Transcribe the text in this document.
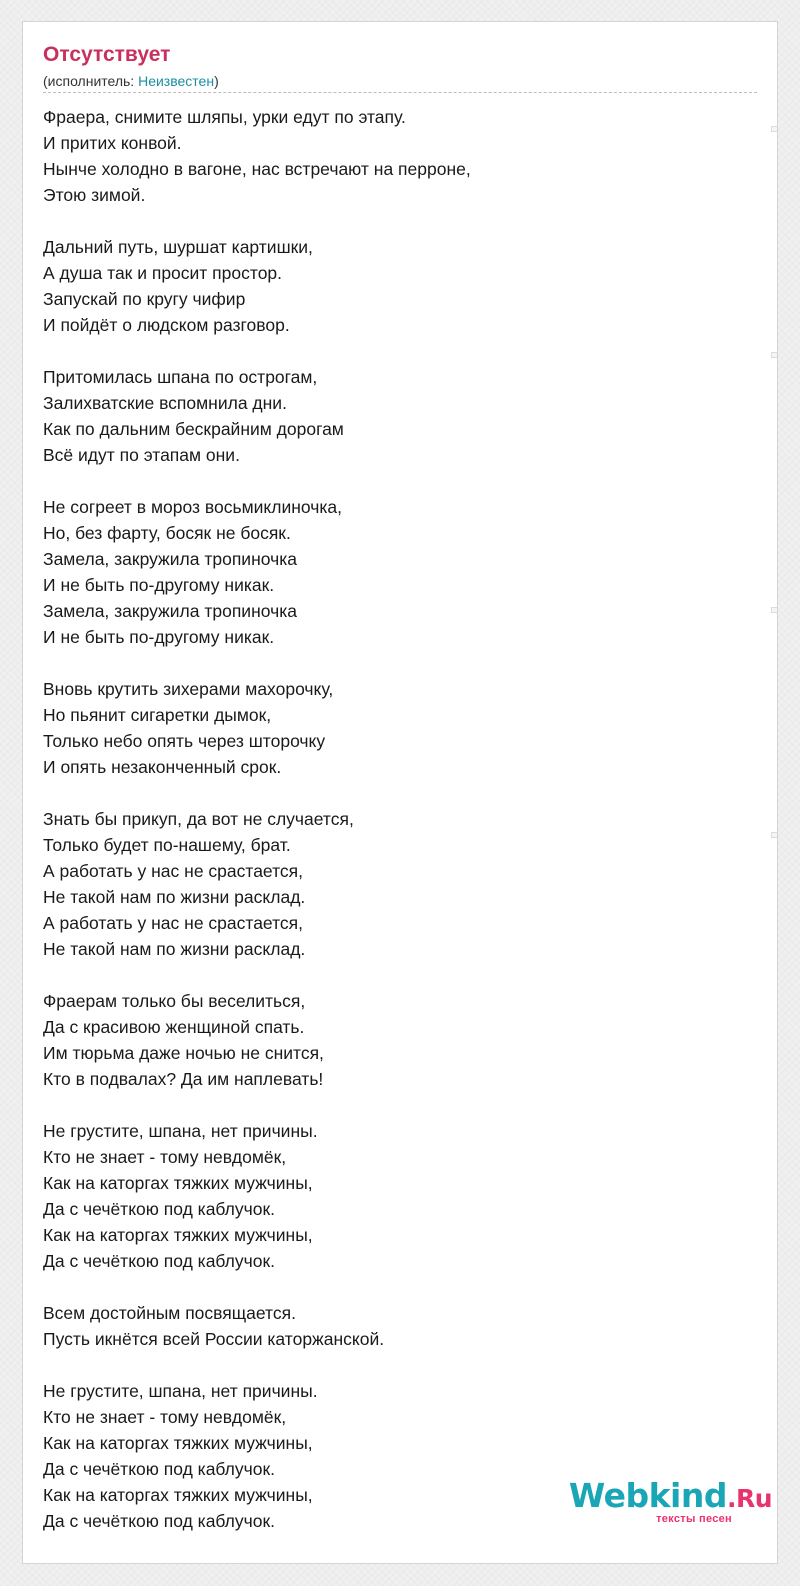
Отсутствует
(исполнитель: Неизвестен)
Фраера, снимите шляпы, урки едут по этапу.
И притих конвой.
Нынче холодно в вагоне, нас встречают на перроне,
Этою зимой.
Дальний путь, шуршат картишки,
А душа так и просит простор.
Запускай по кругу чифир
И пойдёт о людском разговор.
Притомилась шпана по острогам,
Залихватские вспомнила дни.
Как по дальним бескрайним дорогам
Всё идут по этапам они.
Не согреет в мороз восьмиклиночка,
Но, без фарту, босяк не босяк.
Замела, закружила тропиночка
И не быть по-другому никак.
Замела, закружила тропиночка
И не быть по-другому никак.
Вновь крутить зихерами махорочку,
Но пьянит сигаретки дымок,
Только небо опять через шторочку
И опять незаконченный срок.
Знать бы прикуп, да вот не случается,
Только будет по-нашему, брат.
А работать у нас не срастается,
Не такой нам по жизни расклад.
А работать у нас не срастается,
Не такой нам по жизни расклад.
Фраерам только бы веселиться,
Да с красивою женщиной спать.
Им тюрьма даже ночью не снится,
Кто в подвалах? Да им наплевать!
Не грустите, шпана, нет причины.
Кто не знает - тому невдомёк,
Как на каторгах тяжких мужчины,
Да с чечёткою под каблучок.
Как на каторгах тяжких мужчины,
Да с чечёткою под каблучок.
Всем достойным посвящается.
Пусть икнётся всей России каторжанской.
Не грустите, шпана, нет причины.
Кто не знает - тому невдомёк,
Как на каторгах тяжких мужчины,
Да с чечёткою под каблучок.
Как на каторгах тяжких мужчины,
Да с чечёткою под каблучок.
Webkind.Ru
тексты песен
